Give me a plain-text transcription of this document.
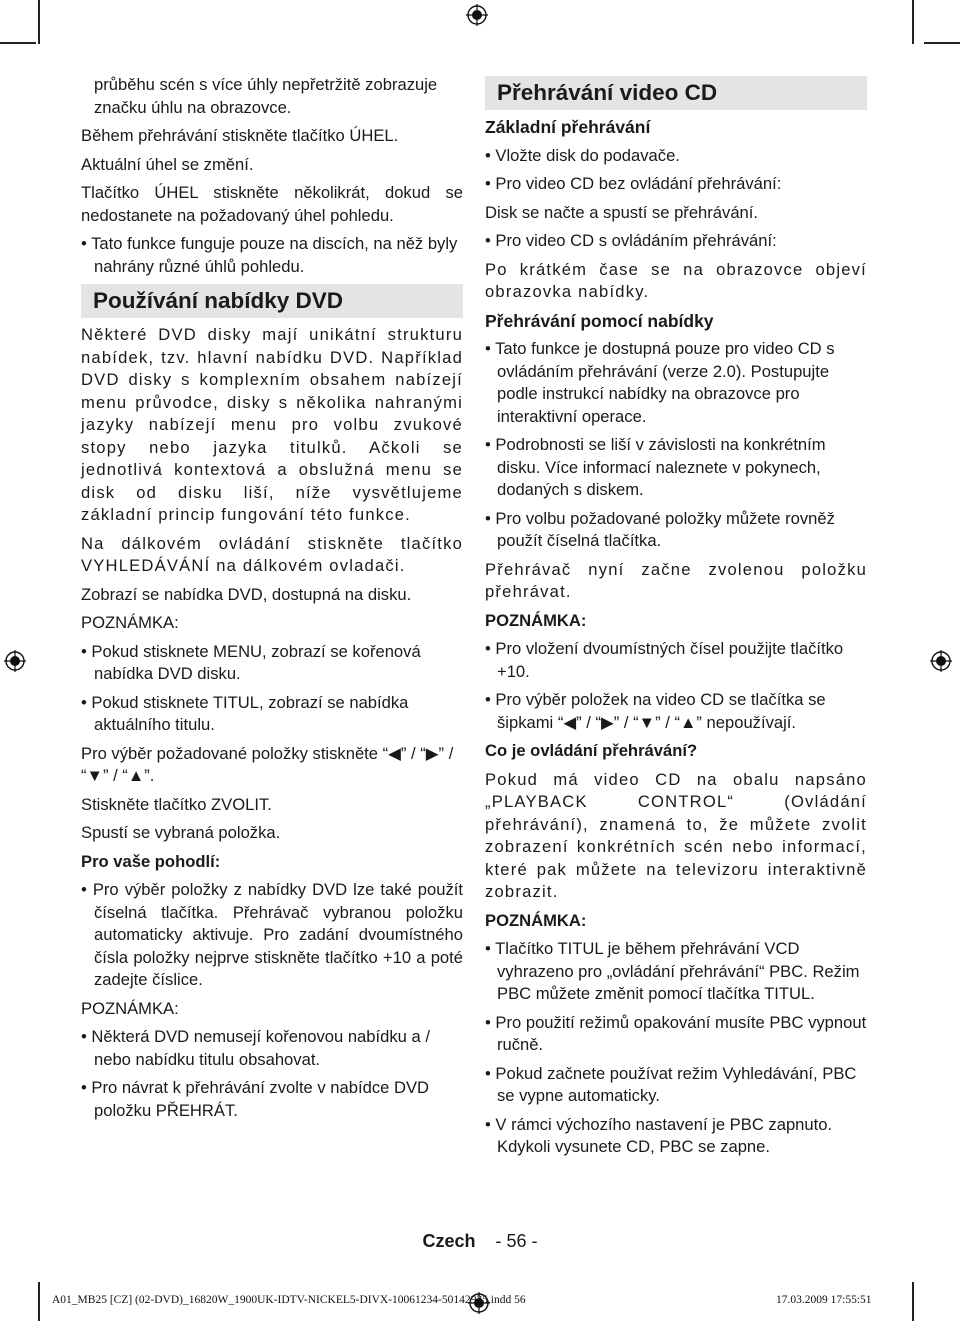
průběhu scén s více úhly nepřetržitě zobrazuje značku úhlu na obrazovce.

Během přehrávání stiskněte tlačítko ÚHEL.

Aktuální úhel se změní.

Tlačítko ÚHEL stiskněte několikrát, dokud se nedostanete na požadovaný úhel pohledu.

• Tato funkce funguje pouze na discích, na něž byly nahrány různé úhlů pohledu.

Používání nabídky DVD

Některé DVD disky mají unikátní strukturu nabídek, tzv. hlavní nabídku DVD. Například DVD disky s komplexním obsahem nabízejí menu průvodce, disky s několika nahranými jazyky nabízejí menu pro volbu zvukové stopy nebo jazyka titulků. Ačkoli se jednotlivá kontextová a obslužná menu se disk od disku liší, níže vysvětlujeme základní princip fungování této funkce.

Na dálkovém ovládání stiskněte tlačítko VYHLEDÁVÁNÍ na dálkovém ovladači.

Zobrazí se nabídka DVD, dostupná na disku.

POZNÁMKA:

• Pokud stisknete MENU, zobrazí se kořenová nabídka DVD disku.

• Pokud stisknete TITUL, zobrazí se nabídka aktuálního titulu.

Pro výběr požadované položky stiskněte “◀” / “▶” / “▼” / “▲”.

Stiskněte tlačítko ZVOLIT.

Spustí se vybraná položka.

Pro vaše pohodlí:

• Pro výběr položky z nabídky DVD lze také použít číselná tlačítka. Přehrávač vybranou položku automaticky aktivuje. Pro zadání dvoumístného čísla položky nejprve stiskněte tlačítko +10 a poté zadejte číslice.

POZNÁMKA:

• Některá DVD nemusejí kořenovou nabídku a / nebo nabídku titulu obsahovat.

• Pro návrat k přehrávání zvolte v nabídce DVD položku PŘEHRÁT.

Přehrávání video CD

Základní přehrávání

• Vložte disk do podavače.

• Pro video CD bez ovládání přehrávání:

Disk se načte a spustí se přehrávání.

• Pro video CD s ovládáním přehrávání:

Po krátkém čase se na obrazovce objeví obrazovka nabídky.

Přehrávání pomocí nabídky

• Tato funkce je dostupná pouze pro video CD s ovládáním přehrávání (verze 2.0). Postupujte podle instrukcí nabídky na obrazovce pro interaktivní operace.

• Podrobnosti se liší v závislosti na konkrétním disku. Více informací naleznete v pokynech, dodaných s diskem.

• Pro volbu požadované položky můžete rovněž použít číselná tlačítka.

Přehrávač nyní začne zvolenou položku přehrávat.

POZNÁMKA:

• Pro vložení dvoumístných čísel použijte tlačítko +10.

• Pro výběr položek na video CD se tlačítka se šipkami “◀” / “▶” / “▼” / “▲” nepoužívají.

Co je ovládání přehrávání?

Pokud má video CD na obalu napsáno „PLAYBACK CONTROL“ (Ovládání přehrávání), znamená to, že můžete zvolit zobrazení konkrétních scén nebo informací, které pak můžete na televizoru interaktivně zobrazit.

POZNÁMKA:

• Tlačítko TITUL je během přehrávání VCD vyhrazeno pro „ovládání přehrávání“ PBC. Režim PBC můžete změnit pomocí tlačítka TITUL.

• Pro použití režimů opakování musíte PBC vypnout ručně.

• Pokud začnete používat režim Vyhledávání, PBC se vypne automaticky.

• V rámci výchozího nastavení je PBC zapnuto. Kdykoli vysunete CD, PBC se zapne.

Czech - 56 -
A01_MB25 [CZ] (02-DVD)_16820W_1900UK-IDTV-NICKEL5-DIVX-10061234-50142935.indd 56	17.03.2009 17:55:51
